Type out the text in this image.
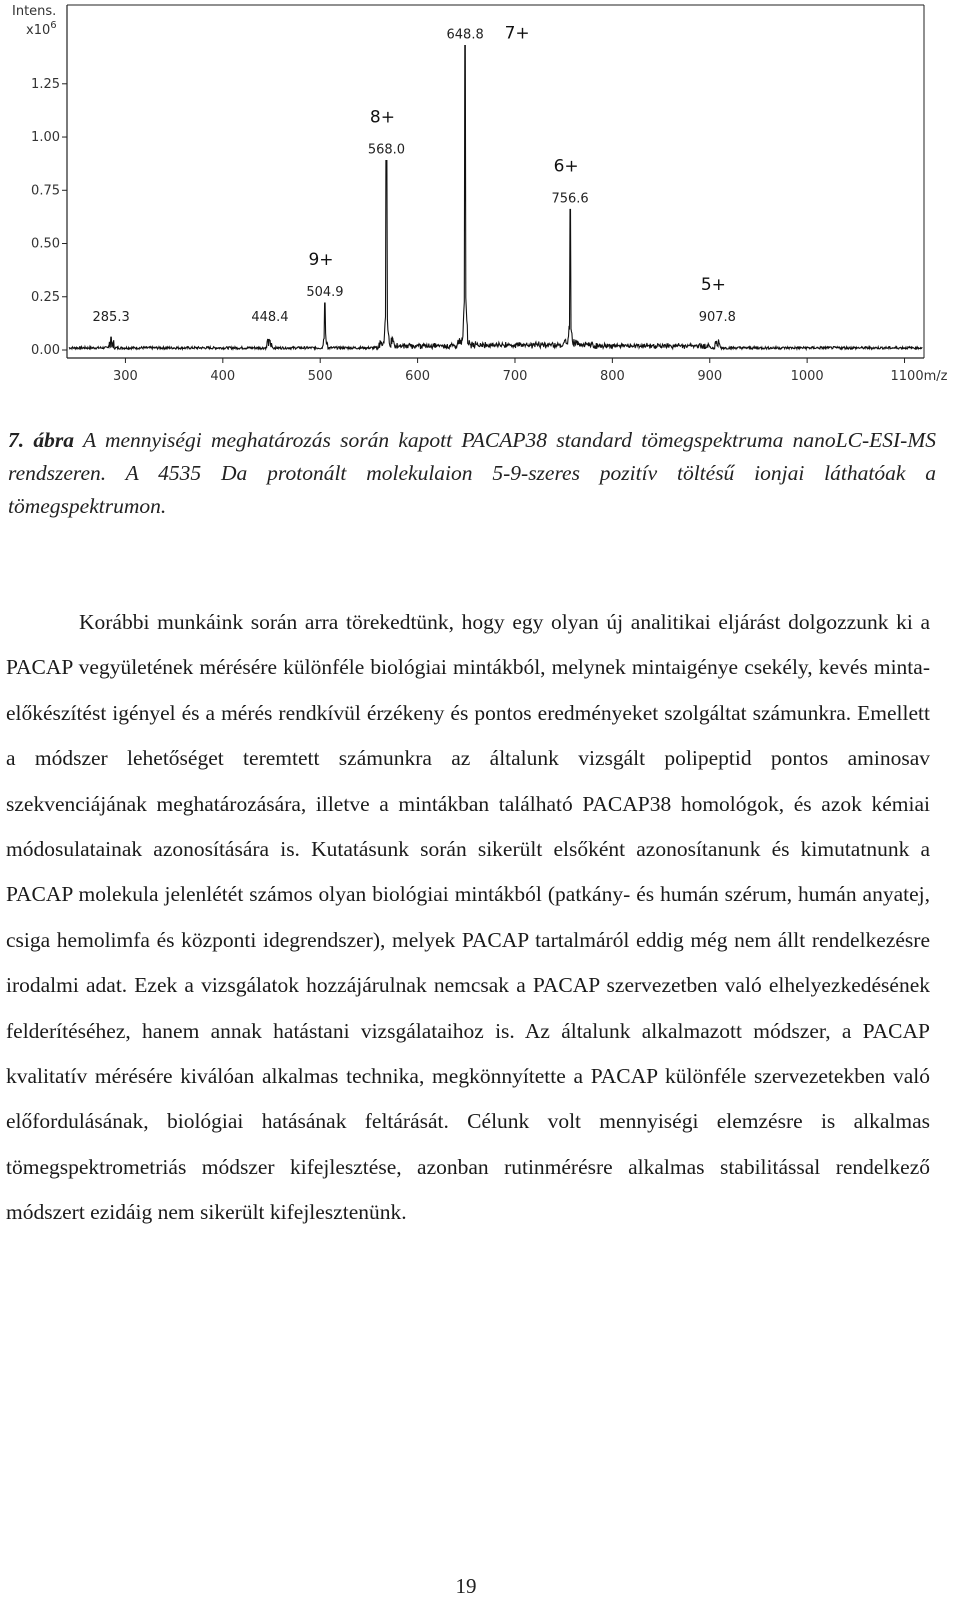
Intens.
$x10^6$
0.00
0.25
0.50
0.75
1.00
1.25
300	400	500	600	700	800	900	1000	1100m/z
285.3	448.4
504.9
9+
568.0
8+
648.8 7+
756.6
6+
907.8
5+
7. ábra A mennyiségi meghatározás során kapott PACAP38 standard tömegspektruma nanoLC-ESI-MS rendszeren. A 4535 Da protonált molekulaion 5-9-szeres pozitív töltésű ionjai láthatóak a tömegspektrumon.
Korábbi munkáink során arra törekedtünk, hogy egy olyan új analitikai eljárást dolgozzunk ki a PACAP vegyületének mérésére különféle biológiai mintákból, melynek mintaigénye csekély, kevés minta-előkészítést igényel és a mérés rendkívül érzékeny és pontos eredményeket szolgáltat számunkra. Emellett a módszer lehetőséget teremtett számunkra az általunk vizsgált polipeptid pontos aminosav szekvenciájának meghatározására, illetve a mintákban található PACAP38 homológok, és azok kémiai módosulatainak azonosítására is. Kutatásunk során sikerült elsőként azonosítanunk és kimutatnunk a PACAP molekula jelenlétét számos olyan biológiai mintákból (patkány- és humán szérum, humán anyatej, csiga hemolimfa és központi idegrendszer), melyek PACAP tartalmáról eddig még nem állt rendelkezésre irodalmi adat. Ezek a vizsgálatok hozzájárulnak nemcsak a PACAP szervezetben való elhelyezkedésének felderítéséhez, hanem annak hatástani vizsgálataihoz is. Az általunk alkalmazott módszer, a PACAP kvalitatív mérésére kiválóan alkalmas technika, megkönnyítette a PACAP különféle szervezetekben való előfordulásának, biológiai hatásának feltárását. Célunk volt mennyiségi elemzésre is alkalmas tömegspektrometriás módszer kifejlesztése, azonban rutinmérésre alkalmas stabilitással rendelkező módszert ezidáig nem sikerült kifejlesztenünk.
19
